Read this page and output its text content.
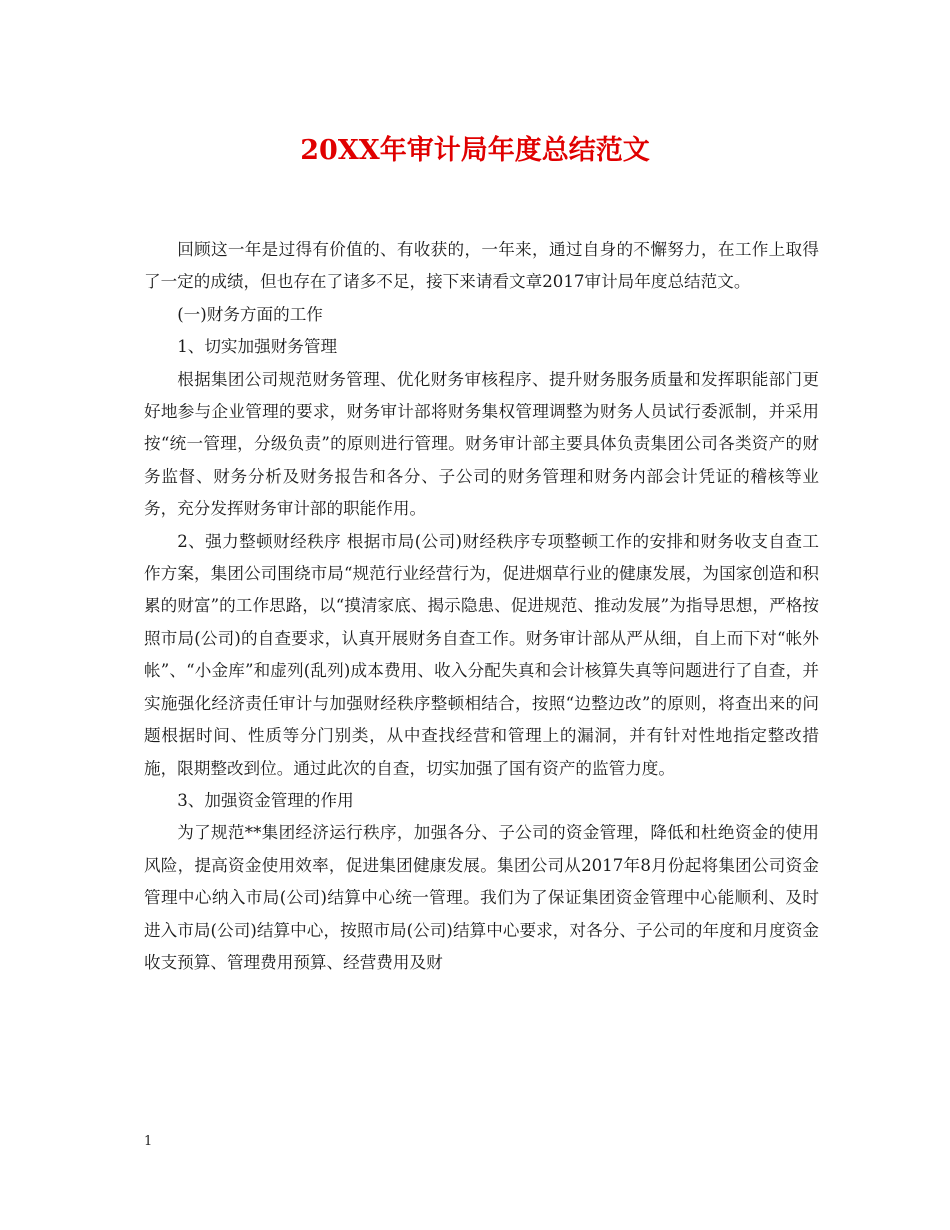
20XX年审计局年度总结范文

回顾这一年是过得有价值的、有收获的，一年来，通过自身的不懈努力，在工作上取得了一定的成绩，但也存在了诸多不足，接下来请看文章2017审计局年度总结范文。

(一)财务方面的工作

1、切实加强财务管理

根据集团公司规范财务管理、优化财务审核程序、提升财务服务质量和发挥职能部门更好地参与企业管理的要求，财务审计部将财务集权管理调整为财务人员试行委派制，并采用按“统一管理，分级负责”的原则进行管理。财务审计部主要具体负责集团公司各类资产的财务监督、财务分析及财务报告和各分、子公司的财务管理和财务内部会计凭证的稽核等业务，充分发挥财务审计部的职能作用。

2、强力整顿财经秩序 根据市局(公司)财经秩序专项整顿工作的安排和财务收支自查工作方案，集团公司围绕市局“规范行业经营行为，促进烟草行业的健康发展，为国家创造和积累的财富”的工作思路，以“摸清家底、揭示隐患、促进规范、推动发展”为指导思想，严格按照市局(公司)的自查要求，认真开展财务自查工作。财务审计部从严从细，自上而下对“帐外帐”、“小金库”和虚列(乱列)成本费用、收入分配失真和会计核算失真等问题进行了自查，并实施强化经济责任审计与加强财经秩序整顿相结合，按照“边整边改”的原则，将查出来的问题根据时间、性质等分门别类，从中查找经营和管理上的漏洞，并有针对性地指定整改措施，限期整改到位。通过此次的自查，切实加强了国有资产的监管力度。

3、加强资金管理的作用

为了规范**集团经济运行秩序，加强各分、子公司的资金管理，降低和杜绝资金的使用风险，提高资金使用效率，促进集团健康发展。集团公司从2017年8月份起将集团公司资金管理中心纳入市局(公司)结算中心统一管理。我们为了保证集团资金管理中心能顺利、及时进入市局(公司)结算中心，按照市局(公司)结算中心要求，对各分、子公司的年度和月度资金收支预算、管理费用预算、经营费用及财

1
